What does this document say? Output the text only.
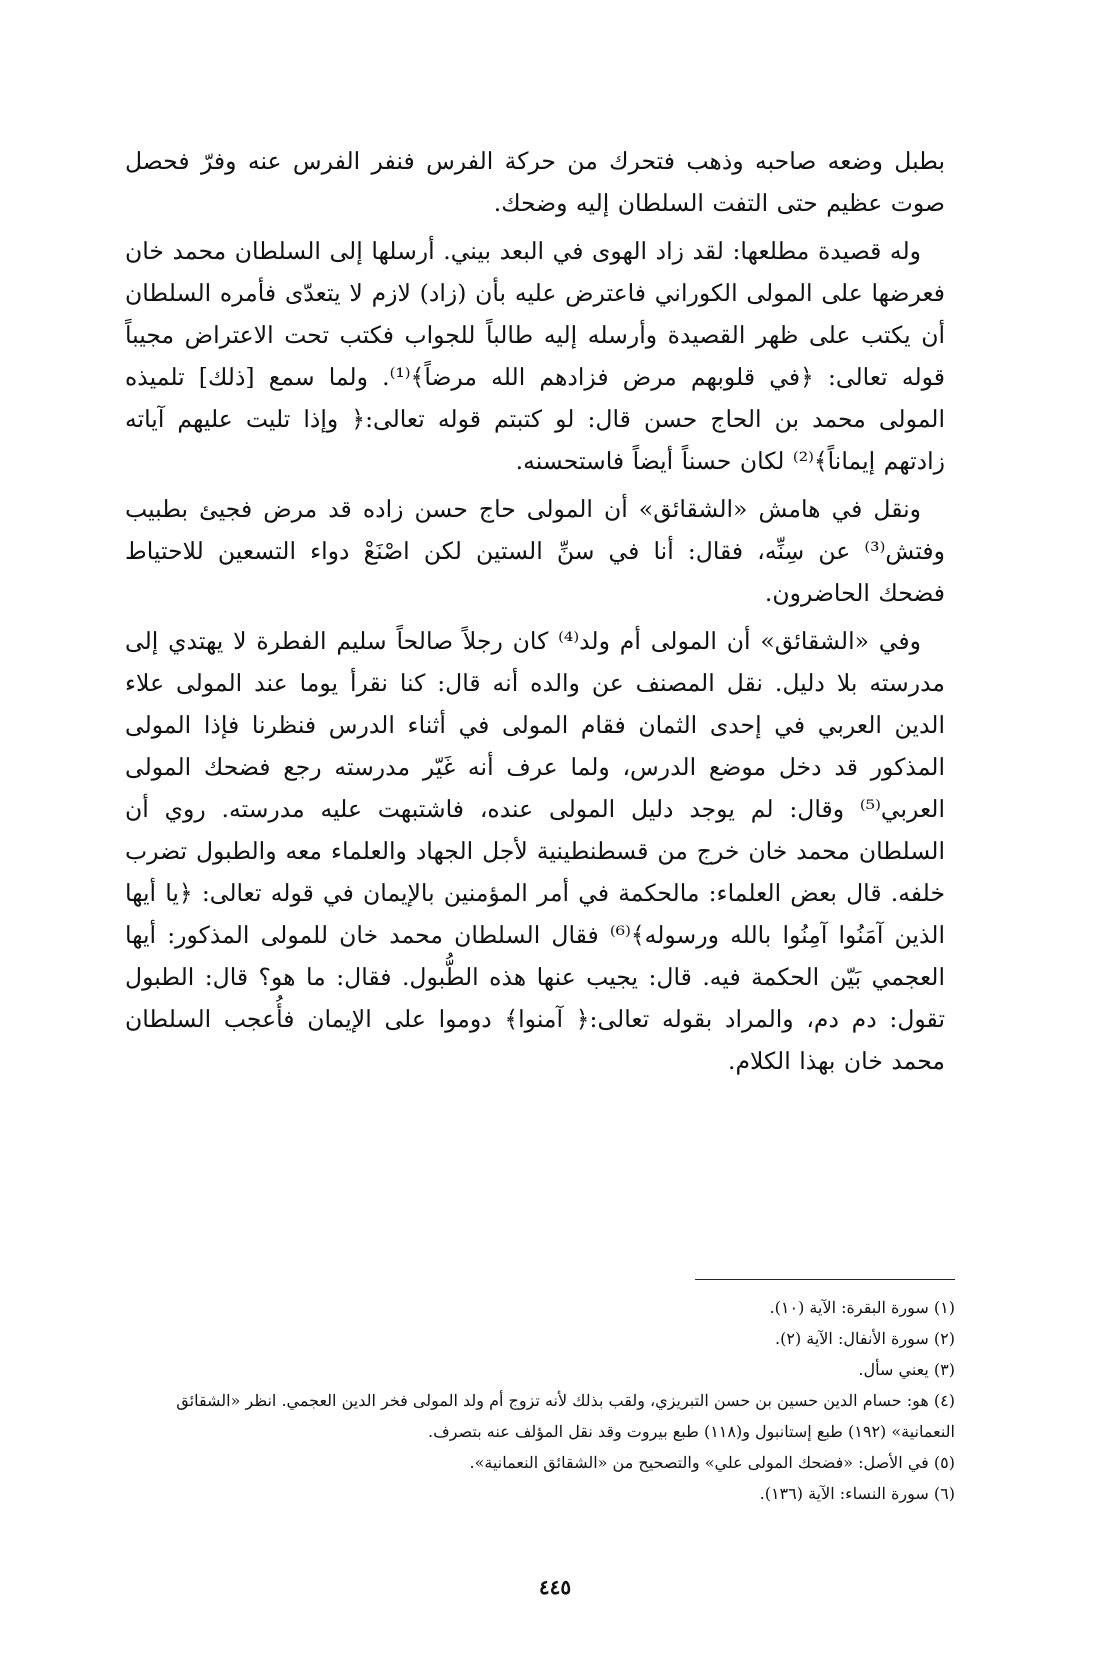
بطبل وضعه صاحبه وذهب فتحرك من حركة الفرس فنفر الفرس عنه وفرّ فحصل صوت عظيم حتى التفت السلطان إليه وضحك.

وله قصيدة مطلعها: لقد زاد الهوى في البعد بيني. أرسلها إلى السلطان محمد خان فعرضها على المولى الكوراني فاعترض عليه بأن (زاد) لازم لا يتعدّى فأمره السلطان أن يكتب على ظهر القصيدة وأرسله إليه طالباً للجواب فكتب تحت الاعتراض مجيباً قوله تعالى: ﴿في قلوبهم مرض فزادهم الله مرضاً﴾⁽¹⁾. ولما سمع [ذلك] تلميذه المولى محمد بن الحاج حسن قال: لو كتبتم قوله تعالى:﴿ وإذا تليت عليهم آياته زادتهم إيماناً﴾⁽²⁾ لكان حسناً أيضاً فاستحسنه.

ونقل في هامش «الشقائق» أن المولى حاج حسن زاده قد مرض فجيئ بطبيب وفتش⁽³⁾ عن سِنِّه، فقال: أنا في سنِّ الستين لكن اصْنَعْ دواء التسعين للاحتياط فضحك الحاضرون.

وفي «الشقائق» أن المولى أم ولد⁽⁴⁾ كان رجلاً صالحاً سليم الفطرة لا يهتدي إلى مدرسته بلا دليل. نقل المصنف عن والده أنه قال: كنا نقرأ يوما عند المولى علاء الدين العربي في إحدى الثمان فقام المولى في أثناء الدرس فنظرنا فإذا المولى المذكور قد دخل موضع الدرس، ولما عرف أنه غَيّر مدرسته رجع فضحك المولى العربي⁽⁵⁾ وقال: لم يوجد دليل المولى عنده، فاشتبهت عليه مدرسته. روي أن السلطان محمد خان خرج من قسطنطينية لأجل الجهاد والعلماء معه والطبول تضرب خلفه. قال بعض العلماء: مالحكمة في أمر المؤمنين بالإيمان في قوله تعالى: ﴿يا أيها الذين آمَنُوا آمِنُوا بالله ورسوله﴾⁽⁶⁾ فقال السلطان محمد خان للمولى المذكور: أيها العجمي بَيّن الحكمة فيه. قال: يجيب عنها هذه الطُّبول. فقال: ما هو؟ قال: الطبول تقول: دم دم، والمراد بقوله تعالى:﴿ آمنوا﴾ دوموا على الإيمان فأُعجب السلطان محمد خان بهذا الكلام.

(١) سورة البقرة: الآية (١٠).

(٢) سورة الأنفال: الآية (٢).

(٣) يعني سأل.

(٤) هو: حسام الدين حسين بن حسن التبريزي، ولقب بذلك لأنه تزوج أم ولد المولى فخر الدين العجمي. انظر «الشقائق النعمانية» (١٩٢) طبع إستانبول و(١١٨) طبع بيروت وقد نقل المؤلف عنه بتصرف.

(٥) في الأصل: «فضحك المولى علي» والتصحيح من «الشقائق النعمانية».

(٦) سورة النساء: الآية (١٣٦).

٤٤٥
